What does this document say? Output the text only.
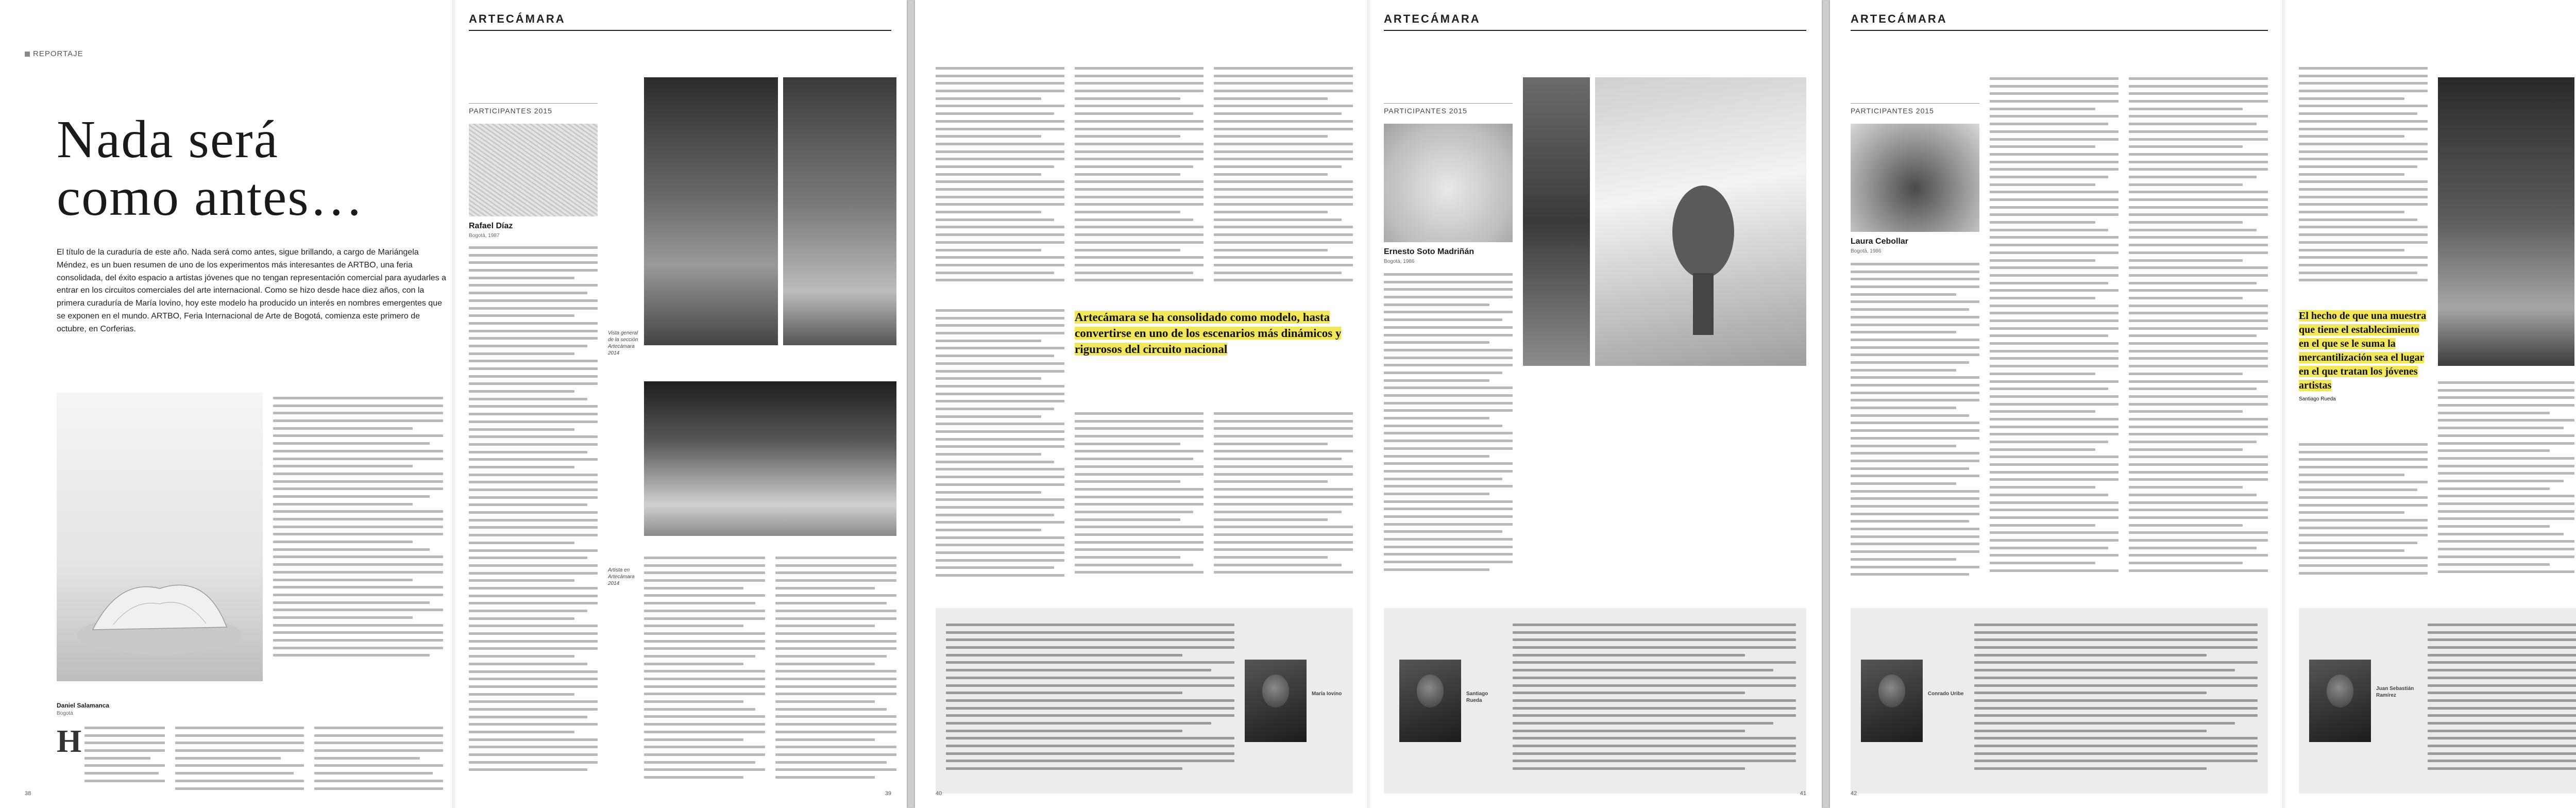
REPORTAJE
Nada será
como antes…
El título de la curaduría de este año. Nada será como antes, sigue brillando, a cargo de Mariángela Méndez, es un buen resumen de uno de los experimentos más interesantes de ARTBO, una feria consolidada, del éxito espacio a artistas jóvenes que no tengan representación comercial para ayudarles a entrar en los circuitos comerciales del arte internacional. Como se hizo desde hace diez años, con la primera curaduría de María Iovino, hoy este modelo ha producido un interés en nombres emergentes que se exponen en el mundo. ARTBO, Feria Internacional de Arte de Bogotá, comienza este primero de octubre, en Corferias.
Daniel Salamanca
Bogotá
H
38
ARTECÁMARA
PARTICIPANTES 2015
Rafael Díaz
Bogotá, 1987
Vista general de la sección Artecámara 2014
Artista en Artecámara 2014
39
Artecámara se ha consolidado como modelo, hasta convertirse en uno de los escenarios más dinámicos y rigurosos del circuito nacional
María Iovino
40
ARTECÁMARA
PARTICIPANTES 2015
Ernesto Soto Madriñán
Bogotá, 1986
Santiago Rueda
41
ARTECÁMARA
PARTICIPANTES 2015
Laura Cebollar
Bogotá, 1986
Conrado Uribe
42
El hecho de que una muestra que tiene el establecimiento en el que se le suma la mercantilización sea el lugar en el que tratan los jóvenes artistas
Santiago Rueda
Juan Sebastián Ramírez
